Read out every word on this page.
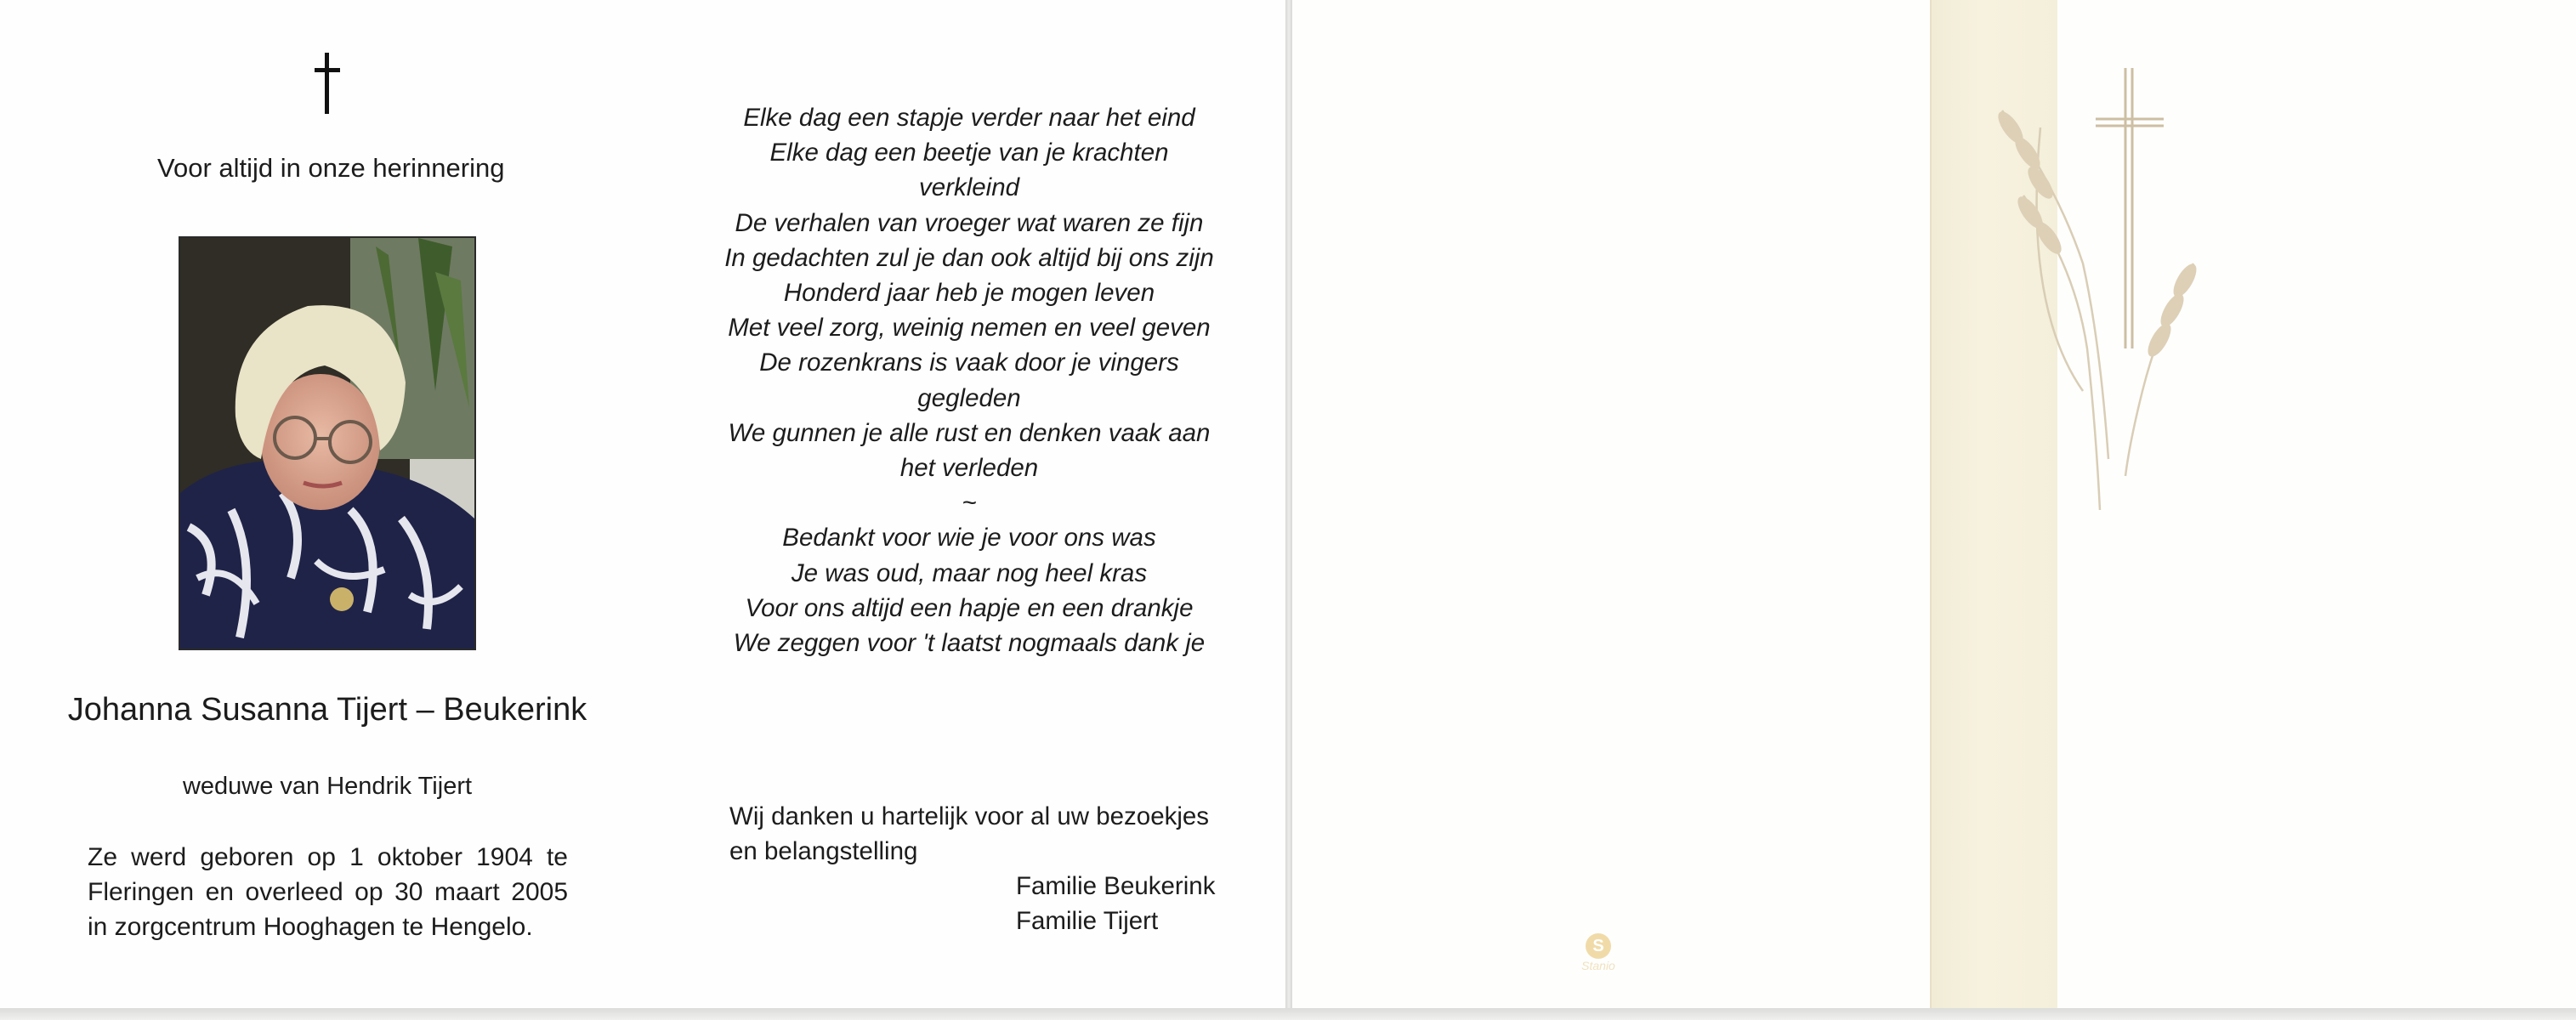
Voor altijd in onze herinnering
Johanna Susanna Tijert – Beukerink
weduwe van Hendrik Tijert
Ze werd geboren op 1 oktober 1904 te Fleringen en overleed op 30 maart 2005 in zorgcentrum Hooghagen te Hengelo.
Elke dag een stapje verder naar het eind
Elke dag een beetje van je krachten
verkleind
De verhalen van vroeger wat waren ze fijn
In gedachten zul je dan ook altijd bij ons zijn
Honderd jaar heb je mogen leven
Met veel zorg, weinig nemen en veel geven
De rozenkrans is vaak door je vingers
gegleden
We gunnen je alle rust en denken vaak aan
het verleden
~
Bedankt voor wie je voor ons was
Je was oud, maar nog heel kras
Voor ons altijd een hapje en een drankje
We zeggen voor 't laatst nogmaals dank je
Wij danken u hartelijk voor al uw bezoekjes en belangstelling
Familie Beukerink
Familie Tijert
S
Stanio
